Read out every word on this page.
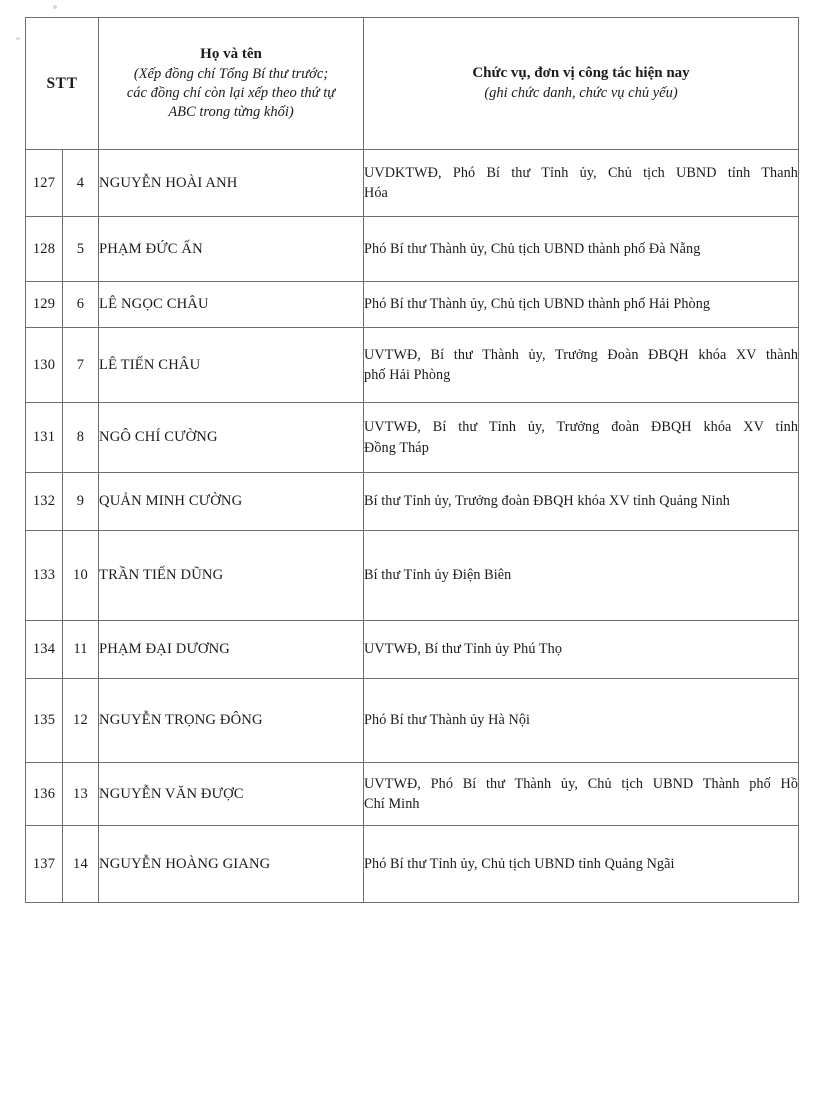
STT		Họ và tên
(Xếp đồng chí Tổng Bí thư trước;
các đồng chí còn lại xếp theo thứ tự
ABC trong từng khối)	Chức vụ, đơn vị công tác hiện nay
(ghi chức danh, chức vụ chủ yếu)

127	4	NGUYỄN HOÀI ANH	UVDKTWĐ, Phó Bí thư Tỉnh ủy, Chủ tịch UBND tỉnh Thanh
Hóa

128	5	PHẠM ĐỨC ẤN	Phó Bí thư Thành ủy, Chủ tịch UBND thành phố Đà Nẵng

129	6	LÊ NGỌC CHÂU	Phó Bí thư Thành ủy, Chủ tịch UBND thành phố Hải Phòng

130	7	LÊ TIẾN CHÂU	UVTWĐ, Bí thư Thành ủy, Trưởng Đoàn ĐBQH khóa XV thành
phố Hải Phòng

131	8	NGÔ CHÍ CƯỜNG	UVTWĐ, Bí thư Tỉnh ủy, Trưởng đoàn ĐBQH khóa XV tỉnh
Đồng Tháp

132	9	QUẢN MINH CƯỜNG	Bí thư Tỉnh ủy, Trưởng đoàn ĐBQH khóa XV tỉnh Quảng Ninh

133	10	TRẦN TIẾN DŨNG	Bí thư Tỉnh ủy Điện Biên

134	11	PHẠM ĐẠI DƯƠNG	UVTWĐ, Bí thư Tỉnh ủy Phú Thọ

135	12	NGUYỄN TRỌNG ĐÔNG	Phó Bí thư Thành ủy Hà Nội

136	13	NGUYỄN VĂN ĐƯỢC	UVTWĐ, Phó Bí thư Thành ủy, Chủ tịch UBND Thành phố Hồ
Chí Minh

137	14	NGUYỄN HOÀNG GIANG	Phó Bí thư Tỉnh ủy, Chủ tịch UBND tỉnh Quảng Ngãi
